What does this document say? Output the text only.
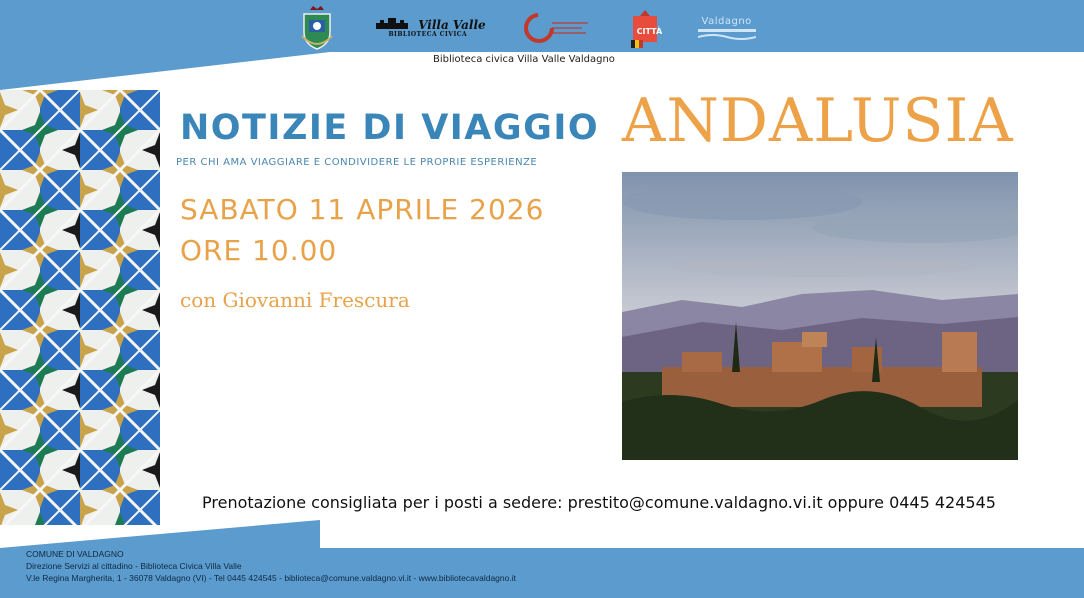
Villa Valle
BIBLIOTECA CIVICA	CITTÀ
Valdagno
Biblioteca civica Villa Valle Valdagno
NOTIZIE DI VIAGGIO
PER CHI AMA VIAGGIARE E CONDIVIDERE LE PROPRIE ESPERIENZE
SABATO 11 APRILE 2026
ORE 10.00
con Giovanni Frescura
ANDALUSIA
Prenotazione consigliata per i posti a sedere: prestito@comune.valdagno.vi.it oppure 0445 424545
COMUNE DI VALDAGNO
Direzione Servizi al cittadino - Biblioteca Civica Villa Valle
V.le Regina Margherita, 1 - 36078 Valdagno (VI) - Tel 0445 424545 - biblioteca@comune.valdagno.vi.it - www.bibliotecavaldagno.it
